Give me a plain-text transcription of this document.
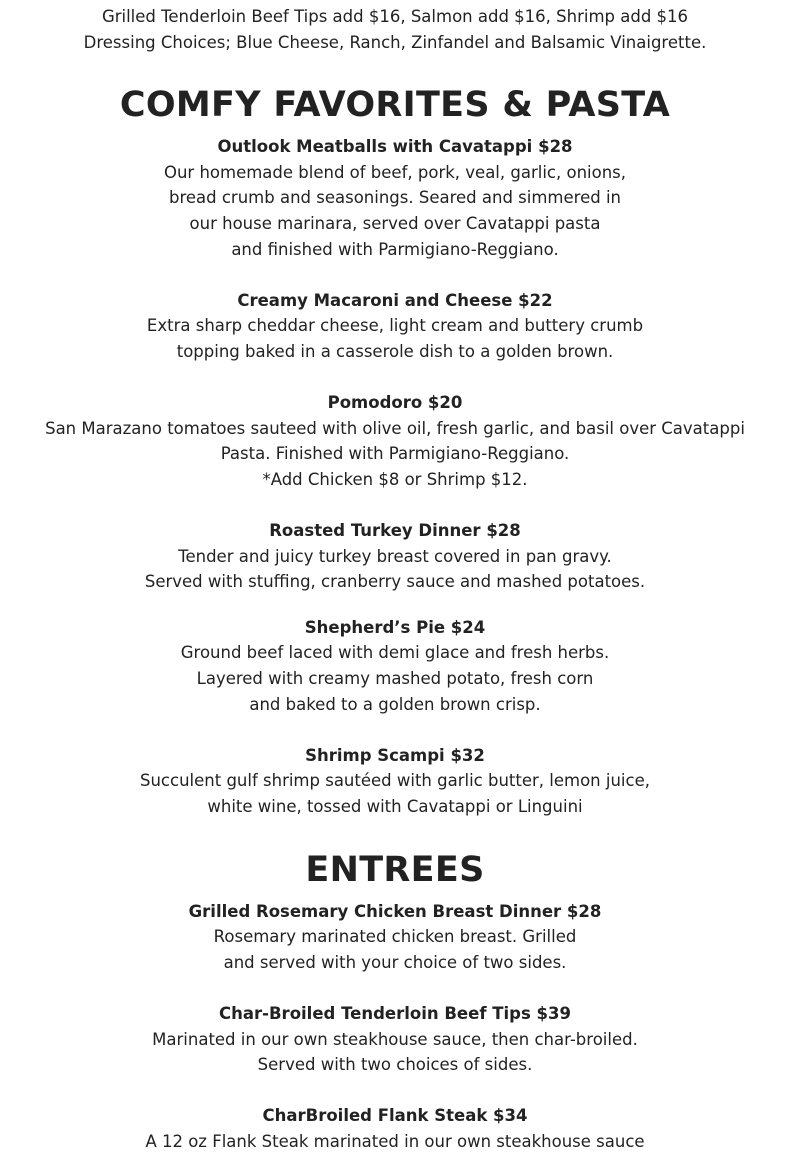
Grilled Tenderloin Beef Tips add $16, Salmon add $16, Shrimp add $16

Dressing Choices; Blue Cheese, Ranch, Zinfandel and Balsamic Vinaigrette.

COMFY FAVORITES & PASTA

Outlook Meatballs with Cavatappi $28

Our homemade blend of beef, pork, veal, garlic, onions,

bread crumb and seasonings. Seared and simmered in

our house marinara, served over Cavatappi pasta

and finished with Parmigiano-Reggiano.

Creamy Macaroni and Cheese $22

Extra sharp cheddar cheese, light cream and buttery crumb

topping baked in a casserole dish to a golden brown.

Pomodoro $20

San Marazano tomatoes sauteed with olive oil, fresh garlic, and basil over Cavatappi

Pasta. Finished with Parmigiano-Reggiano.

*Add Chicken $8 or Shrimp $12.

Roasted Turkey Dinner $28

Tender and juicy turkey breast covered in pan gravy.

Served with stuffing, cranberry sauce and mashed potatoes.

Shepherd’s Pie $24

Ground beef laced with demi glace and fresh herbs.

Layered with creamy mashed potato, fresh corn

and baked to a golden brown crisp.

Shrimp Scampi $32

Succulent gulf shrimp sautéed with garlic butter, lemon juice,

white wine, tossed with Cavatappi or Linguini

ENTREES

Grilled Rosemary Chicken Breast Dinner $28

Rosemary marinated chicken breast. Grilled

and served with your choice of two sides.

Char-Broiled Tenderloin Beef Tips $39

Marinated in our own steakhouse sauce, then char-broiled.

Served with two choices of sides.

CharBroiled Flank Steak $34

A 12 oz Flank Steak marinated in our own steakhouse sauce
